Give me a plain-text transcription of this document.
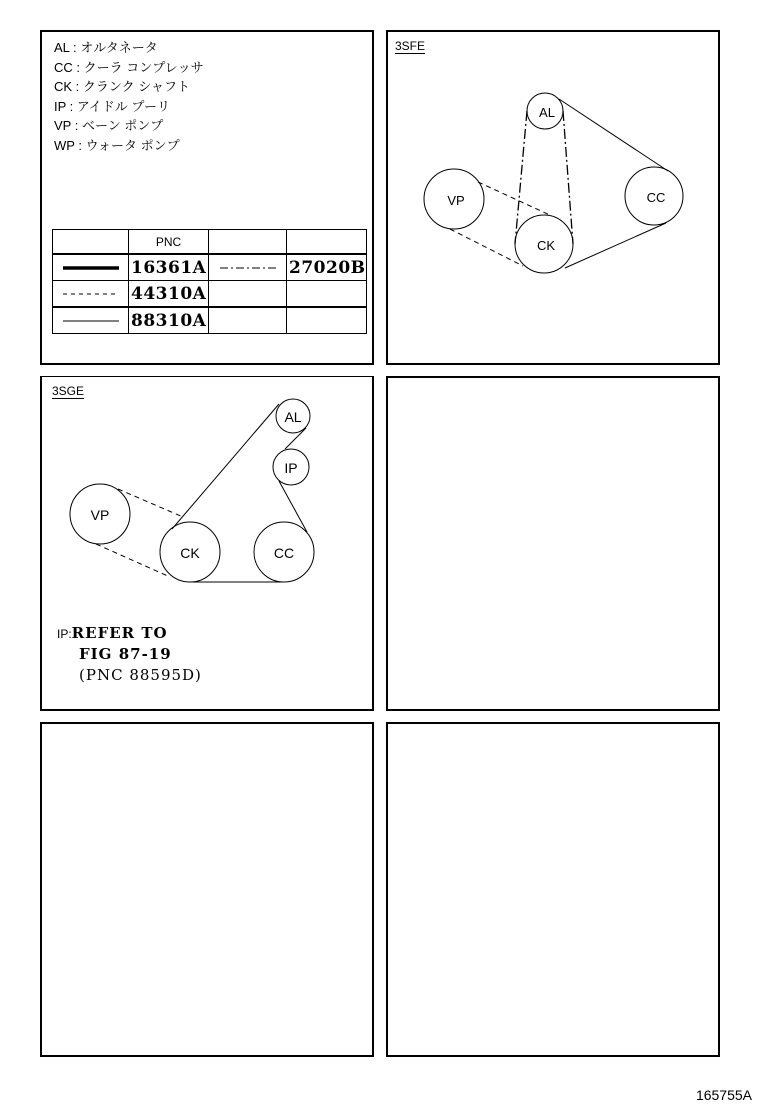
AL : オルタネータ
CC : クーラ コンプレッサ
CK : クランク シャフト
IP : アイドル プーリ
VP : ベーン ポンプ
WP : ウォータ ポンプ
	PNC		

	16361A		27020B

	44310A		

	88310A		
3SFE
AL
VP
CK
CC
3SGE
AL
IP
VP
CK	CC
IP:REFER TO
FIG 87-19
(PNC 88595D)
165755A
